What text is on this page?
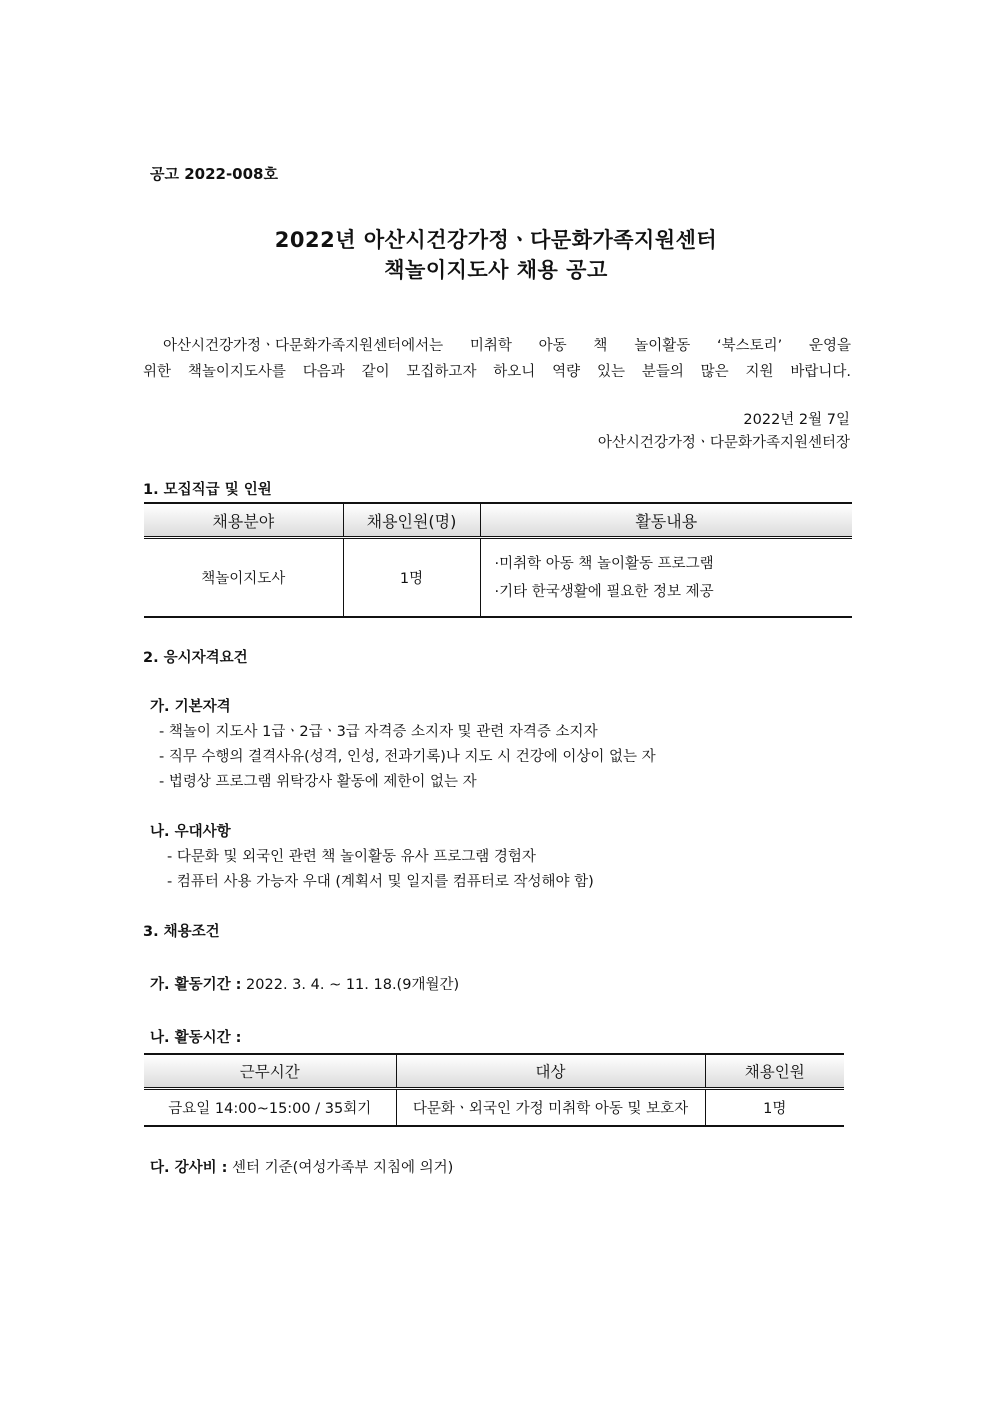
공고 2022-008호
2022년 아산시건강가정ㆍ다문화가족지원센터
책놀이지도사 채용 공고
아산시건강가정ㆍ다문화가족지원센터에서는 미취학 아동 책 놀이활동 ‘북스토리’ 운영을
위한 책놀이지도사를 다음과 같이 모집하고자 하오니 역량 있는 분들의 많은 지원 바랍니다.
2022년 2월 7일
아산시건강가정ㆍ다문화가족지원센터장
1. 모집직급 및 인원
채용분야	채용인원(명)	활동내용
책놀이지도사	1명	·미취학 아동 책 놀이활동 프로그램
·기타 한국생활에 필요한 정보 제공
2. 응시자격요건
가. 기본자격
- 책놀이 지도사 1급ㆍ2급ㆍ3급 자격증 소지자 및 관련 자격증 소지자
- 직무 수행의 결격사유(성격, 인성, 전과기록)나 지도 시 건강에 이상이 없는 자
- 법령상 프로그램 위탁강사 활동에 제한이 없는 자
나. 우대사항
- 다문화 및 외국인 관련 책 놀이활동 유사 프로그램 경험자
- 컴퓨터 사용 가능자 우대 (계획서 및 일지를 컴퓨터로 작성해야 함)
3. 채용조건
가. 활동기간 : 2022. 3. 4. ~ 11. 18.(9개월간)
나. 활동시간 :
근무시간	대상	채용인원
금요일 14:00~15:00 / 35회기	다문화ㆍ외국인 가정 미취학 아동 및 보호자	1명
다. 강사비 : 센터 기준(여성가족부 지침에 의거)
